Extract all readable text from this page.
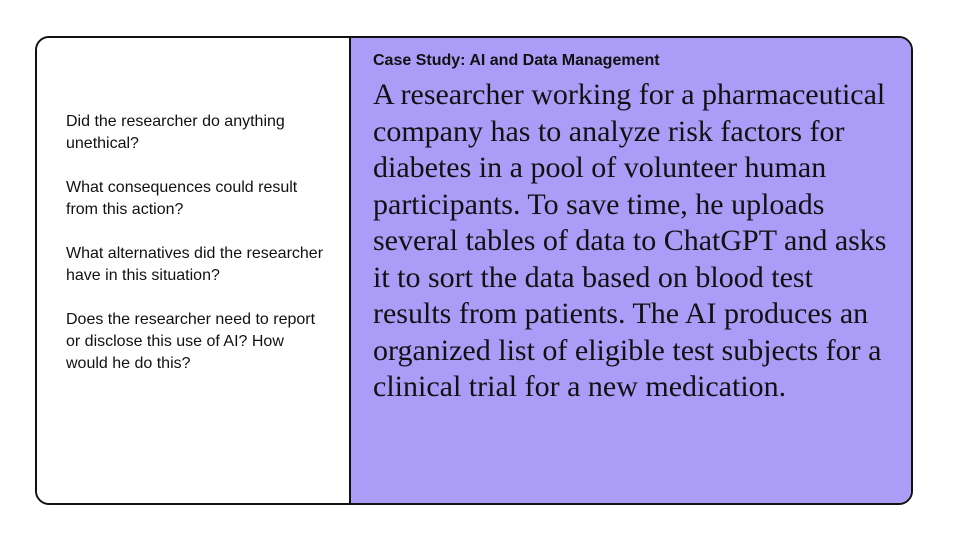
Did the researcher do anything unethical?

What consequences could result from this action?

What alternatives did the researcher have in this situation?

Does the researcher need to report or disclose this use of AI? How would he do this?

Case Study: AI and Data Management

A researcher working for a pharmaceutical company has to analyze risk factors for diabetes in a pool of volunteer human participants. To save time, he uploads several tables of data to ChatGPT and asks it to sort the data based on blood test results from patients. The AI produces an organized list of eligible test subjects for a clinical trial for a new medication.
